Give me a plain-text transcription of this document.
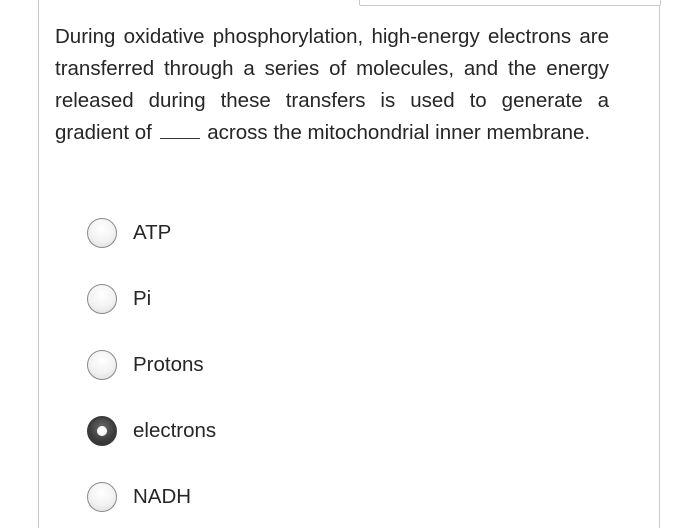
During oxidative phosphorylation, high-energy electrons are transferred through a series of molecules, and the energy released during these transfers is used to generate a gradient of	across the mitochondrial inner membrane.

ATP
Pi
Protons
electrons
NADH
